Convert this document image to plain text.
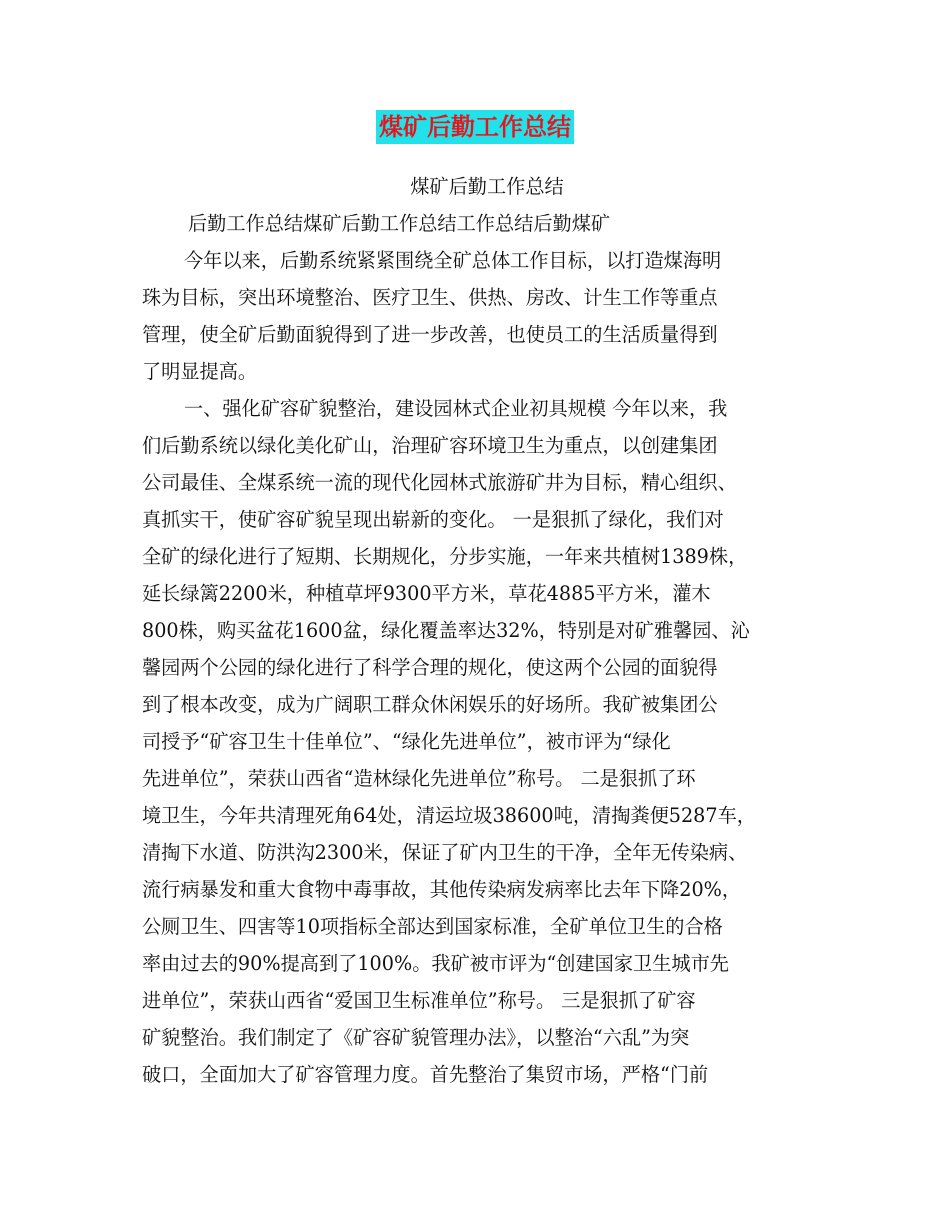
煤矿后勤工作总结
煤矿后勤工作总结
后勤工作总结煤矿后勤工作总结工作总结后勤煤矿
今年以来，后勤系统紧紧围绕全矿总体工作目标，以打造煤海明
珠为目标，突出环境整治、医疗卫生、供热、房改、计生工作等重点
管理，使全矿后勤面貌得到了进一步改善，也使员工的生活质量得到
了明显提高。
一、强化矿容矿貌整治，建设园林式企业初具规模 今年以来，我
们后勤系统以绿化美化矿山，治理矿容环境卫生为重点，以创建集团
公司最佳、全煤系统一流的现代化园林式旅游矿井为目标，精心组织、
真抓实干，使矿容矿貌呈现出崭新的变化。 一是狠抓了绿化，我们对
全矿的绿化进行了短期、长期规化，分步实施，一年来共植树1389株，
延长绿篱2200米，种植草坪9300平方米，草花4885平方米，灌木
800株，购买盆花1600盆，绿化覆盖率达32%，特别是对矿雅馨园、沁
馨园两个公园的绿化进行了科学合理的规化，使这两个公园的面貌得
到了根本改变，成为广阔职工群众休闲娱乐的好场所。我矿被集团公
司授予“矿容卫生十佳单位”、“绿化先进单位”，被市评为“绿化
先进单位”，荣获山西省“造林绿化先进单位”称号。 二是狠抓了环
境卫生，今年共清理死角64处，清运垃圾38600吨，清掏粪便5287车，
清掏下水道、防洪沟2300米，保证了矿内卫生的干净，全年无传染病、
流行病暴发和重大食物中毒事故，其他传染病发病率比去年下降20%，
公厕卫生、四害等10项指标全部达到国家标准，全矿单位卫生的合格
率由过去的90%提高到了100%。我矿被市评为“创建国家卫生城市先
进单位”，荣获山西省“爱国卫生标准单位”称号。 三是狠抓了矿容
矿貌整治。我们制定了《矿容矿貌管理办法》，以整治“六乱”为突
破口，全面加大了矿容管理力度。首先整治了集贸市场，严格“门前
